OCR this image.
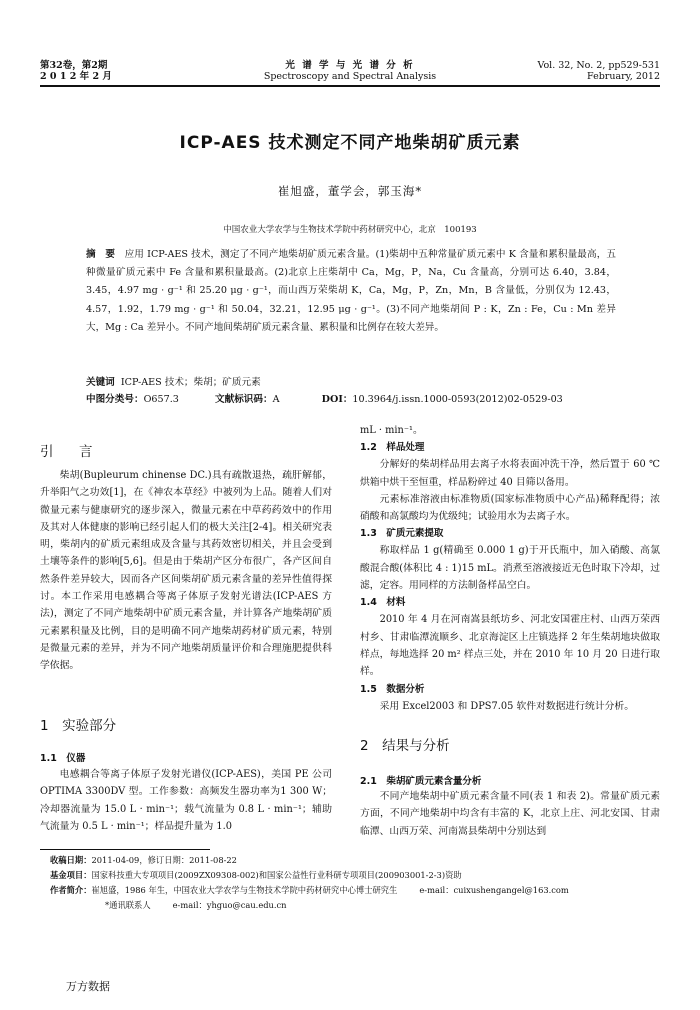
第32卷，第2期
2 0 1 2 年 2 月
光 谱 学 与 光 谱 分 析
Spectroscopy and Spectral Analysis
Vol. 32, No. 2, pp529-531
February, 2012
ICP-AES 技术测定不同产地柴胡矿质元素
崔旭盛，董学会，郭玉海*
中国农业大学农学与生物技术学院中药材研究中心，北京　100193
摘　要 应用 ICP-AES 技术，测定了不同产地柴胡矿质元素含量。(1)柴胡中五种常量矿质元素中 K 含量和累积量最高，五种微量矿质元素中 Fe 含量和累积量最高。(2)北京上庄柴胡中 Ca，Mg，P，Na，Cu 含量高，分别可达 6.40，3.84，3.45，4.97 mg · g⁻¹ 和 25.20 μg · g⁻¹，而山西万荣柴胡 K，Ca，Mg，P，Zn，Mn，B 含量低，分别仅为 12.43，4.57，1.92，1.79 mg · g⁻¹ 和 50.04，32.21，12.95 μg · g⁻¹。(3)不同产地柴胡间 P : K，Zn : Fe，Cu : Mn 差异大，Mg : Ca 差异小。不同产地间柴胡矿质元素含量、累积量和比例存在较大差异。
关键词 ICP-AES 技术；柴胡；矿质元素
中图分类号：O657.3	文献标识码：A	DOI：10.3964/j.issn.1000-0593(2012)02-0529-03
引　言
柴胡(Bupleurum chinense DC.)具有疏散退热，疏肝解郁，升举阳气之功效[1]，在《神农本草经》中被列为上品。随着人们对微量元素与健康研究的逐步深入，微量元素在中草药药效中的作用及其对人体健康的影响已经引起人们的极大关注[2-4]。相关研究表明，柴胡内的矿质元素组成及含量与其药效密切相关，并且会受到土壤等条件的影响[5,6]。但是由于柴胡产区分布很广，各产区间自然条件差异较大，因而各产区间柴胡矿质元素含量的差异性值得探讨。本工作采用电感耦合等离子体原子发射光谱法(ICP-AES 方法)，测定了不同产地柴胡中矿质元素含量，并计算各产地柴胡矿质元素累积量及比例，目的是明确不同产地柴胡药材矿质元素，特别是微量元素的差异，并为不同产地柴胡质量评价和合理施肥提供科学依据。
1　实验部分
1.1　仪器
电感耦合等离子体原子发射光谱仪(ICP-AES)，美国 PE 公司 OPTIMA 3300DV 型。工作参数：高频发生器功率为1 300 W；冷却器流量为 15.0 L · min⁻¹；载气流量为 0.8 L · min⁻¹；辅助气流量为 0.5 L · min⁻¹；样品提升量为 1.0
mL · min⁻¹。
1.2　样品处理
分解好的柴胡样品用去离子水将表面冲洗干净，然后置于 60 ℃烘箱中烘干至恒重，样品粉碎过 40 目筛以备用。
元素标准溶液由标准物质(国家标准物质中心产品)稀释配得；浓硝酸和高氯酸均为优级纯；试验用水为去离子水。
1.3　矿质元素提取
称取样品 1 g(精确至 0.000 1 g)于开氏瓶中，加入硝酸、高氯酸混合酸(体积比 4 : 1)15 mL。消煮至溶液接近无色时取下冷却，过滤，定容。用同样的方法制备样品空白。
1.4　材料
2010 年 4 月在河南嵩县纸坊乡、河北安国霍庄村、山西万荣西村乡、甘肃临潭流顺乡、北京海淀区上庄镇选择 2 年生柴胡地块做取样点，每地选择 20 m² 样点三处，并在 2010 年 10 月 20 日进行取样。
1.5　数据分析
采用 Excel2003 和 DPS7.05 软件对数据进行统计分析。
2　结果与分析
2.1　柴胡矿质元素含量分析
不同产地柴胡中矿质元素含量不同(表 1 和表 2)。常量矿质元素方面，不同产地柴胡中均含有丰富的 K，北京上庄、河北安国、甘肃临潭、山西万荣、河南嵩县柴胡中分别达到
收稿日期：2011-04-09，修订日期：2011-08-22
基金项目：国家科技重大专项项目(2009ZX09308-002)和国家公益性行业科研专项项目(200903001-2-3)资助
作者简介：崔旭盛，1986 年生，中国农业大学农学与生物技术学院中药材研究中心博士研究生	e-mail：cuixushengangel@163.com
*通讯联系人	e-mail：yhguo@cau.edu.cn
万方数据
